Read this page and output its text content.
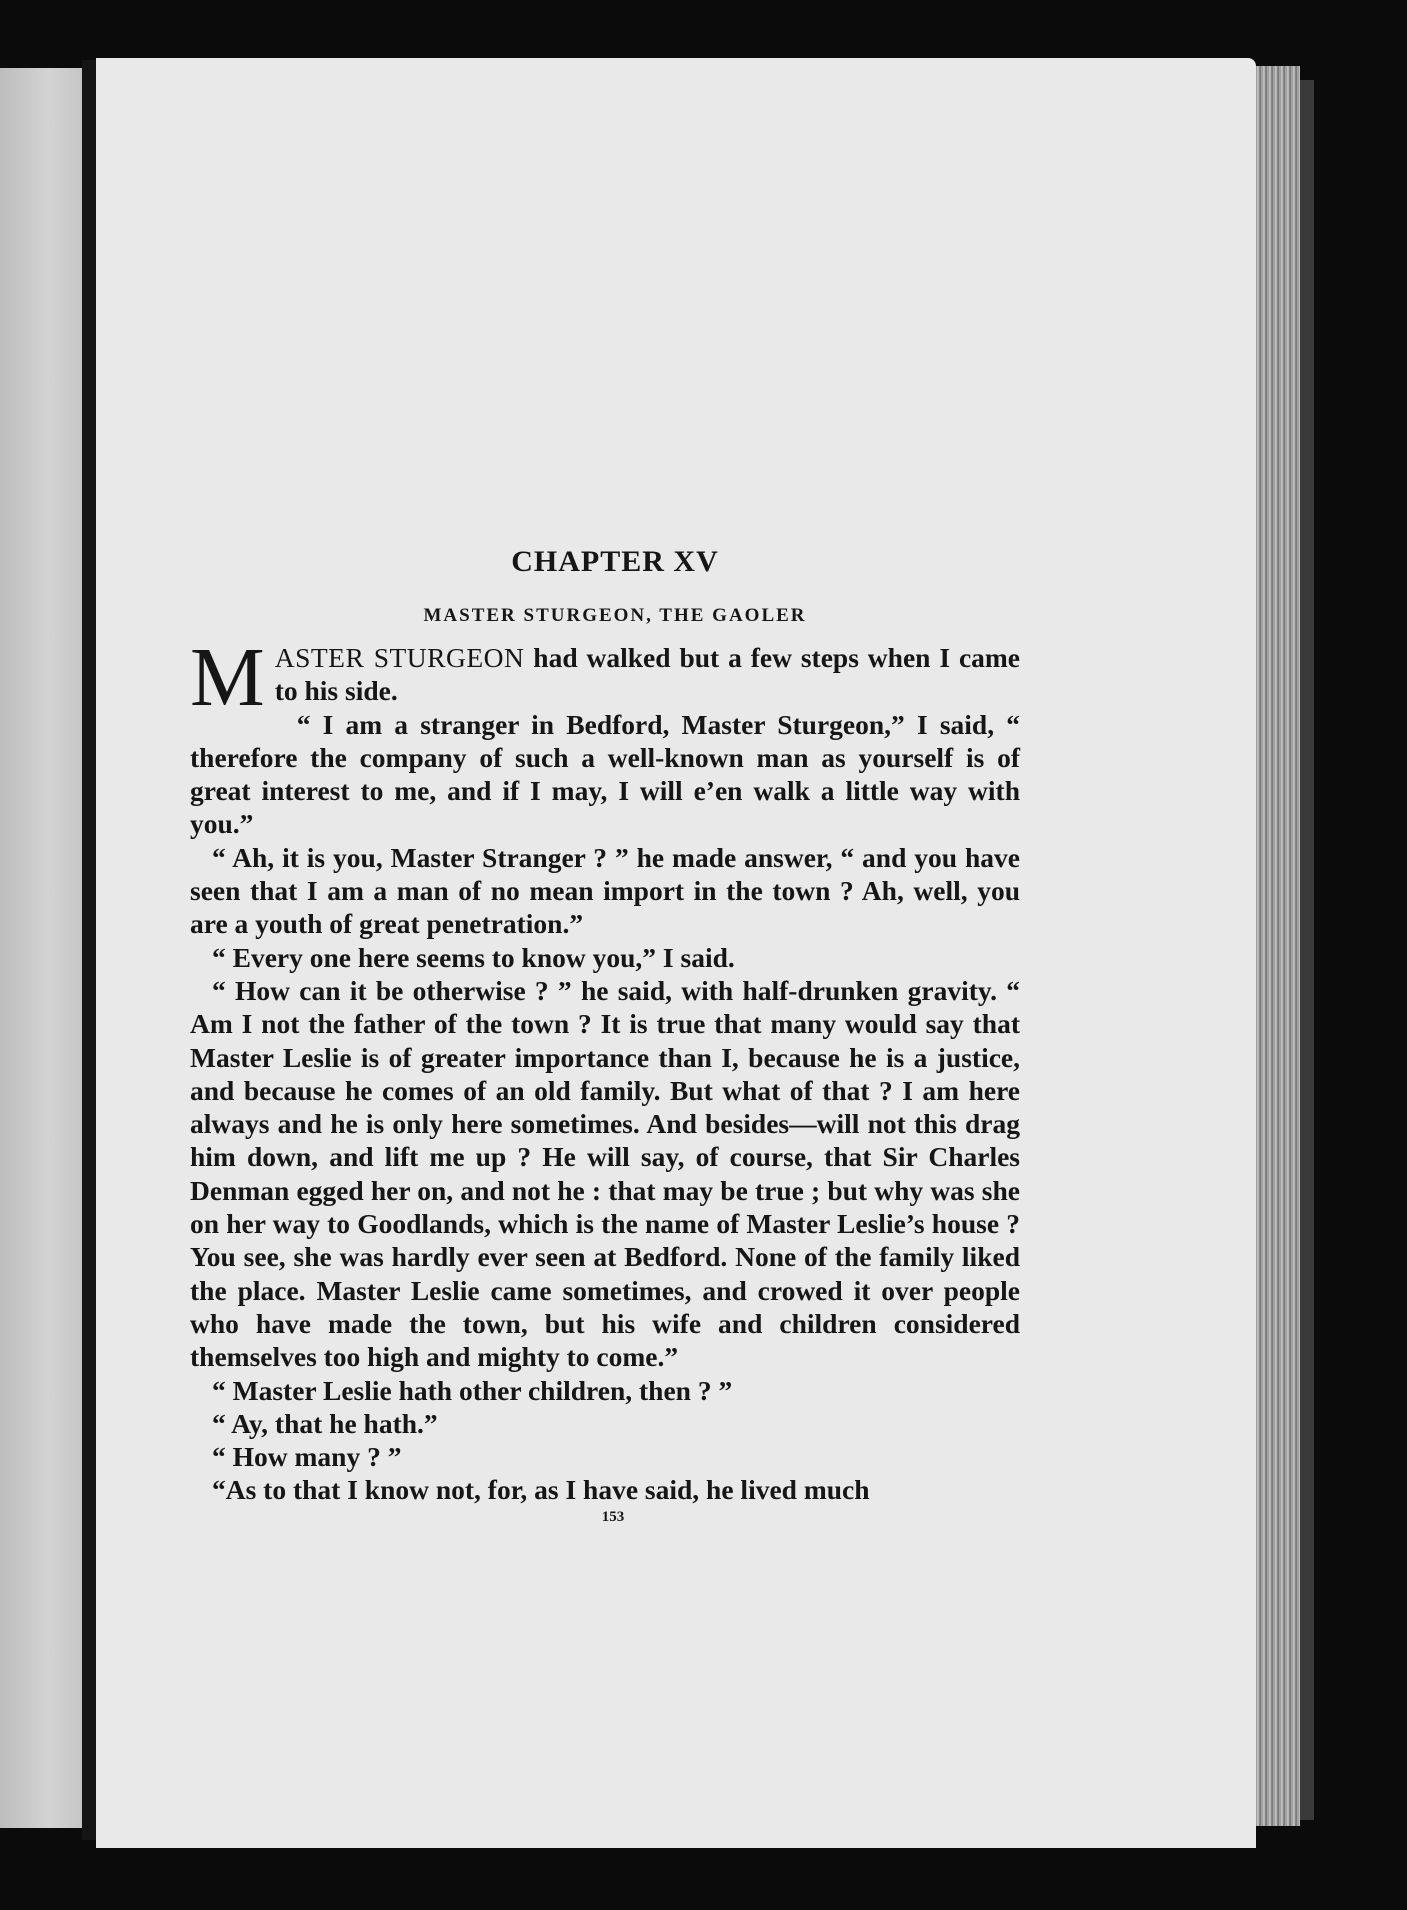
CHAPTER XV
MASTER STURGEON, THE GAOLER

MASTER STURGEON had walked but a few steps when I came to his side.

“ I am a stranger in Bedford, Master Sturgeon,” I said, “ therefore the company of such a well-known man as yourself is of great interest to me, and if I may, I will e’en walk a little way with you.”

“ Ah, it is you, Master Stranger ? ” he made answer, “ and you have seen that I am a man of no mean import in the town ? Ah, well, you are a youth of great penetration.”

“ Every one here seems to know you,” I said.

“ How can it be otherwise ? ” he said, with half-drunken gravity. “ Am I not the father of the town ? It is true that many would say that Master Leslie is of greater importance than I, because he is a justice, and because he comes of an old family. But what of that ? I am here always and he is only here sometimes. And besides—will not this drag him down, and lift me up ? He will say, of course, that Sir Charles Denman egged her on, and not he : that may be true ; but why was she on her way to Goodlands, which is the name of Master Leslie’s house ? You see, she was hardly ever seen at Bedford. None of the family liked the place. Master Leslie came sometimes, and crowed it over people who have made the town, but his wife and children considered themselves too high and mighty to come.”

“ Master Leslie hath other children, then ? ”

“ Ay, that he hath.”

“ How many ? ”

“As to that I know not, for, as I have said, he lived much

153
